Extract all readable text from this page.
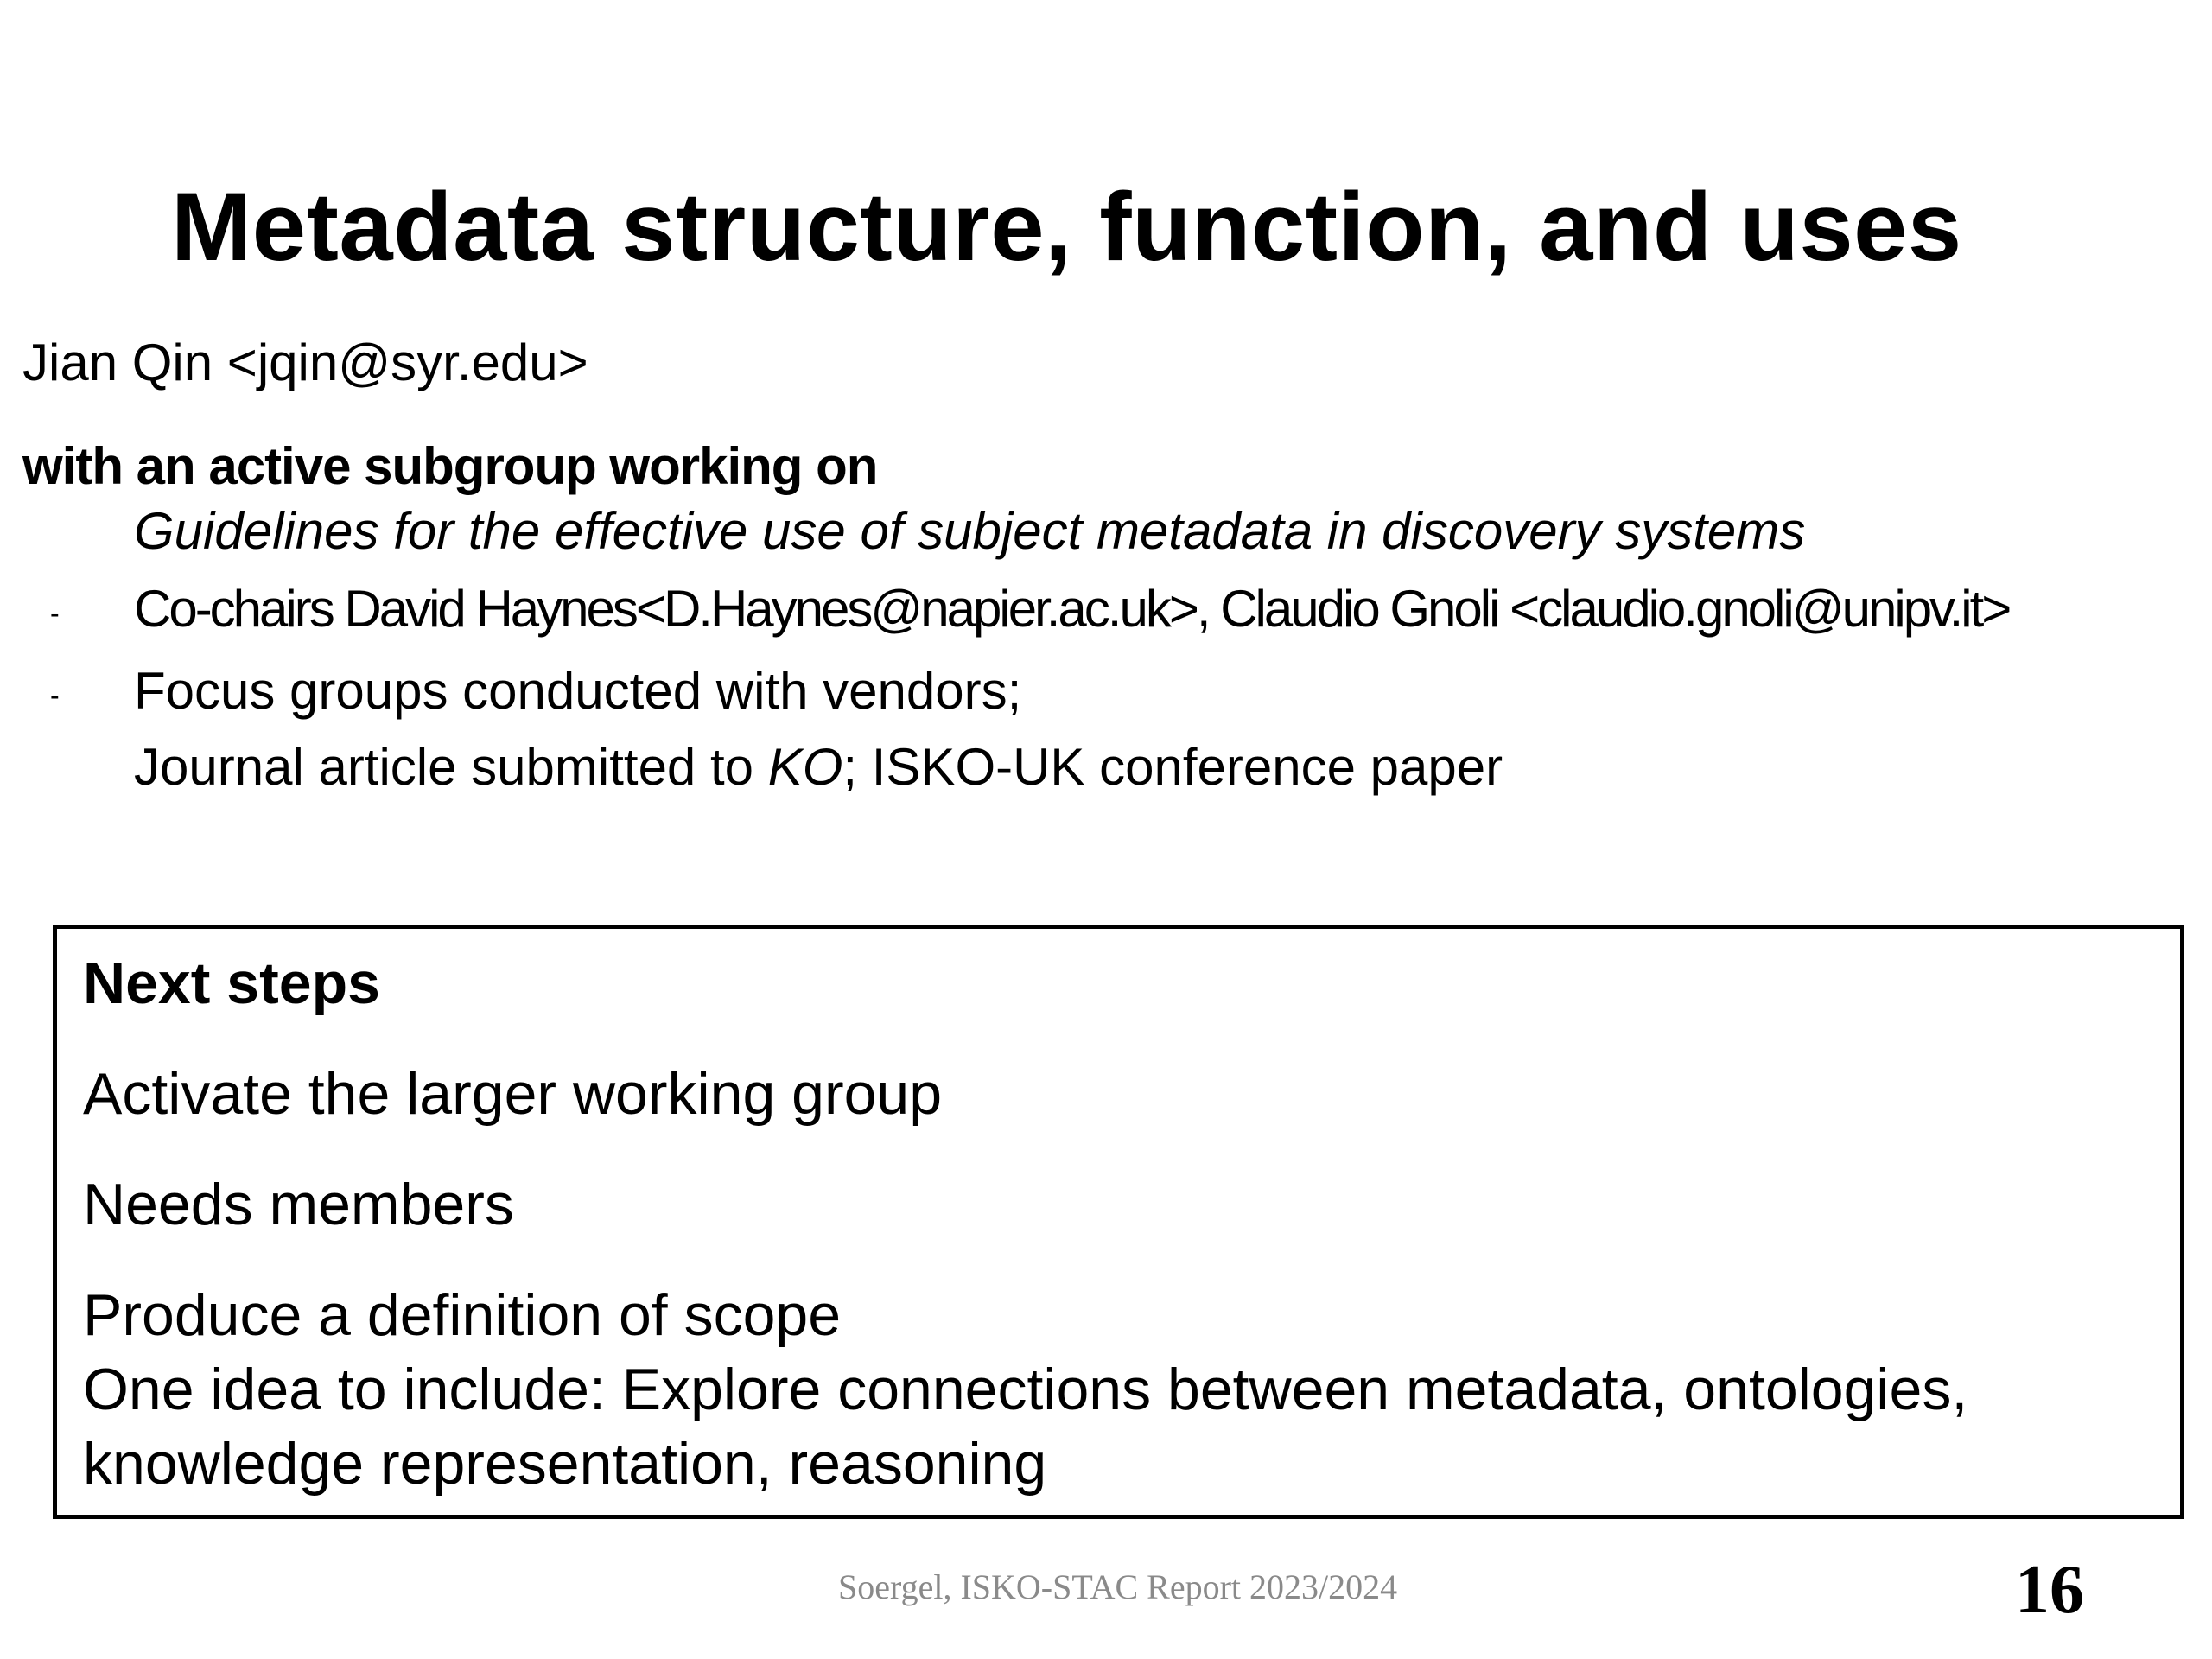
Metadata structure, function, and uses
Jian Qin <jqin@syr.edu>
with an active subgroup working on
Guidelines for the effective use of subject metadata in discovery systems
- Co-chairs David Haynes<D.Haynes@napier.ac.uk>, Claudio Gnoli <claudio.gnoli@unipv.it>
- Focus groups conducted with vendors;
Journal article submitted to KO; ISKO-UK conference paper
Next steps
Activate the larger working group
Needs members
Produce a definition of scope
One idea to include: Explore connections between metadata, ontologies,
knowledge representation, reasoning
Soergel, ISKO-STAC Report 2023/2024	16
